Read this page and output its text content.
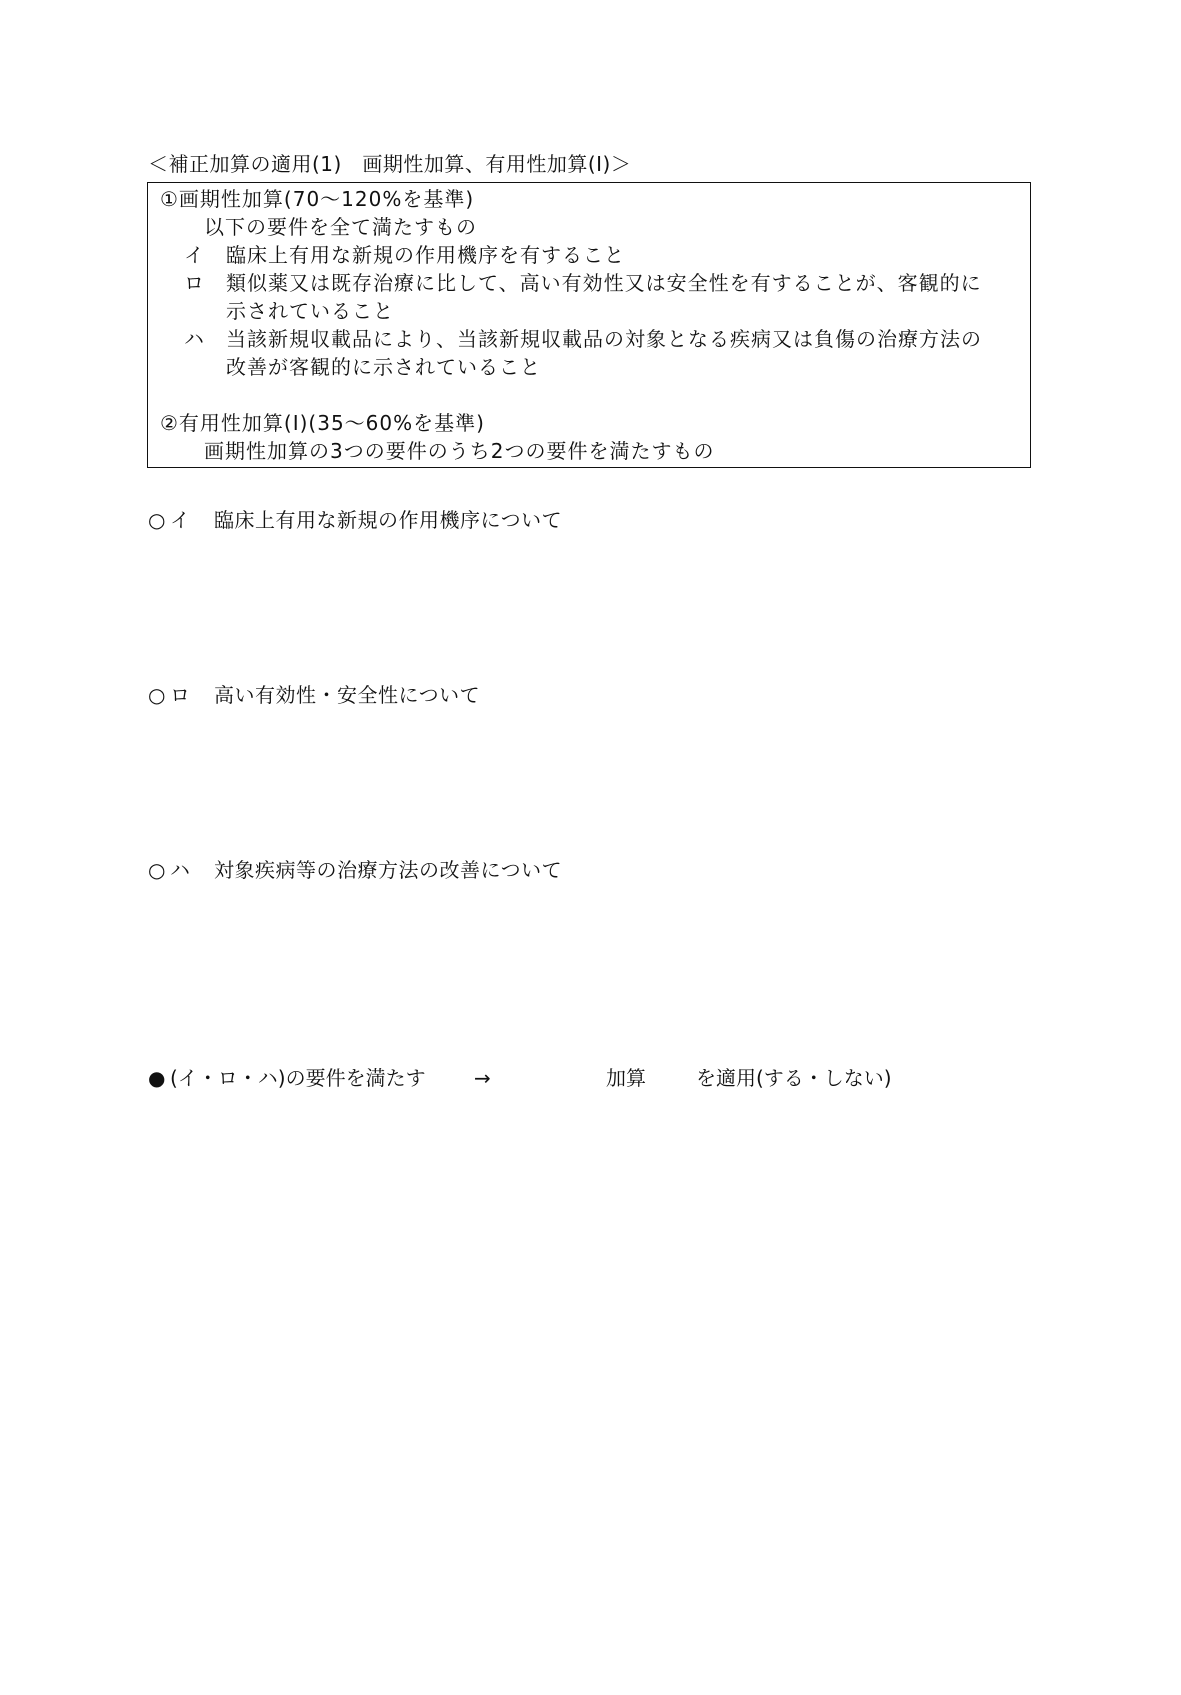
＜補正加算の適用(1)　画期性加算、有用性加算(Ⅰ)＞
①画期性加算(70～120%を基準)
以下の要件を全て満たすもの
イ 臨床上有用な新規の作用機序を有すること
ロ 類似薬又は既存治療に比して、高い有効性又は安全性を有することが、客観的に
示されていること
ハ 当該新規収載品により、当該新規収載品の対象となる疾病又は負傷の治療方法の
改善が客観的に示されていること
②有用性加算(Ⅰ)(35～60%を基準)
画期性加算の3つの要件のうち2つの要件を満たすもの
○ イ 臨床上有用な新規の作用機序について
○ ロ 高い有効性・安全性について
○ ハ 対象疾病等の治療方法の改善について
● (イ・ロ・ハ)の要件を満たす →	加算	を適用(する・しない)
